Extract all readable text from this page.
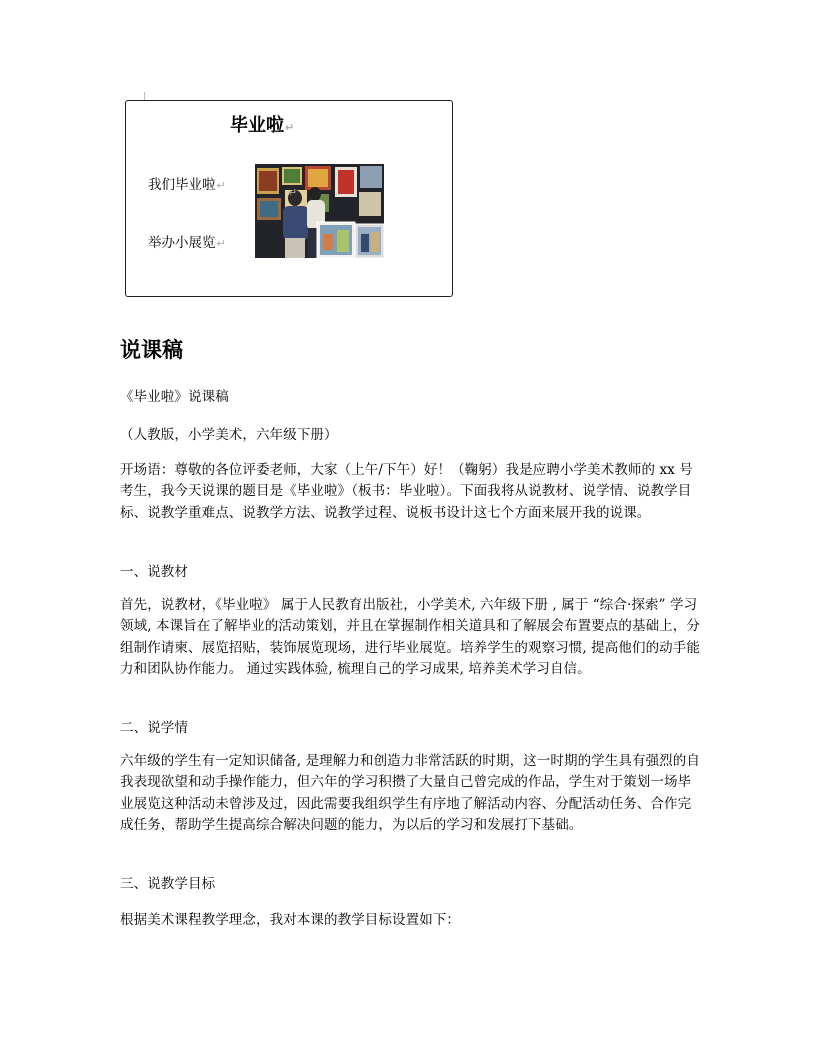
毕业啦↵
我们毕业啦↵
举办小展览↵
↵
说课稿

《毕业啦》说课稿

（人教版，小学美术，六年级下册）

开场语：尊敬的各位评委老师，大家（上午/下午）好！（鞠躬）我是应聘小学美术教师的 xx 号考生，我今天说课的题目是《毕业啦》（板书：毕业啦）。下面我将从说教材、说学情、说教学目标、说教学重难点、说教学方法、说教学过程、说板书设计这七个方面来展开我的说课。

一、说教材

首先，说教材，《毕业啦》 属于人民教育出版社，小学美术, 六年级下册 , 属于 “综合·探索” 学习领域, 本课旨在了解毕业的活动策划，并且在掌握制作相关道具和了解展会布置要点的基础上，分组制作请柬、展览招贴，装饰展览现场，进行毕业展览。培养学生的观察习惯, 提高他们的动手能力和团队协作能力。 通过实践体验, 梳理自己的学习成果, 培养美术学习自信。

二、说学情

六年级的学生有一定知识储备, 是理解力和创造力非常活跃的时期，这一时期的学生具有强烈的自我表现欲望和动手操作能力，但六年的学习积攒了大量自己曾完成的作品，学生对于策划一场毕业展览这种活动未曾涉及过，因此需要我组织学生有序地了解活动内容、分配活动任务、合作完成任务，帮助学生提高综合解决问题的能力，为以后的学习和发展打下基础。

三、说教学目标

根据美术课程教学理念，我对本课的教学目标设置如下：
